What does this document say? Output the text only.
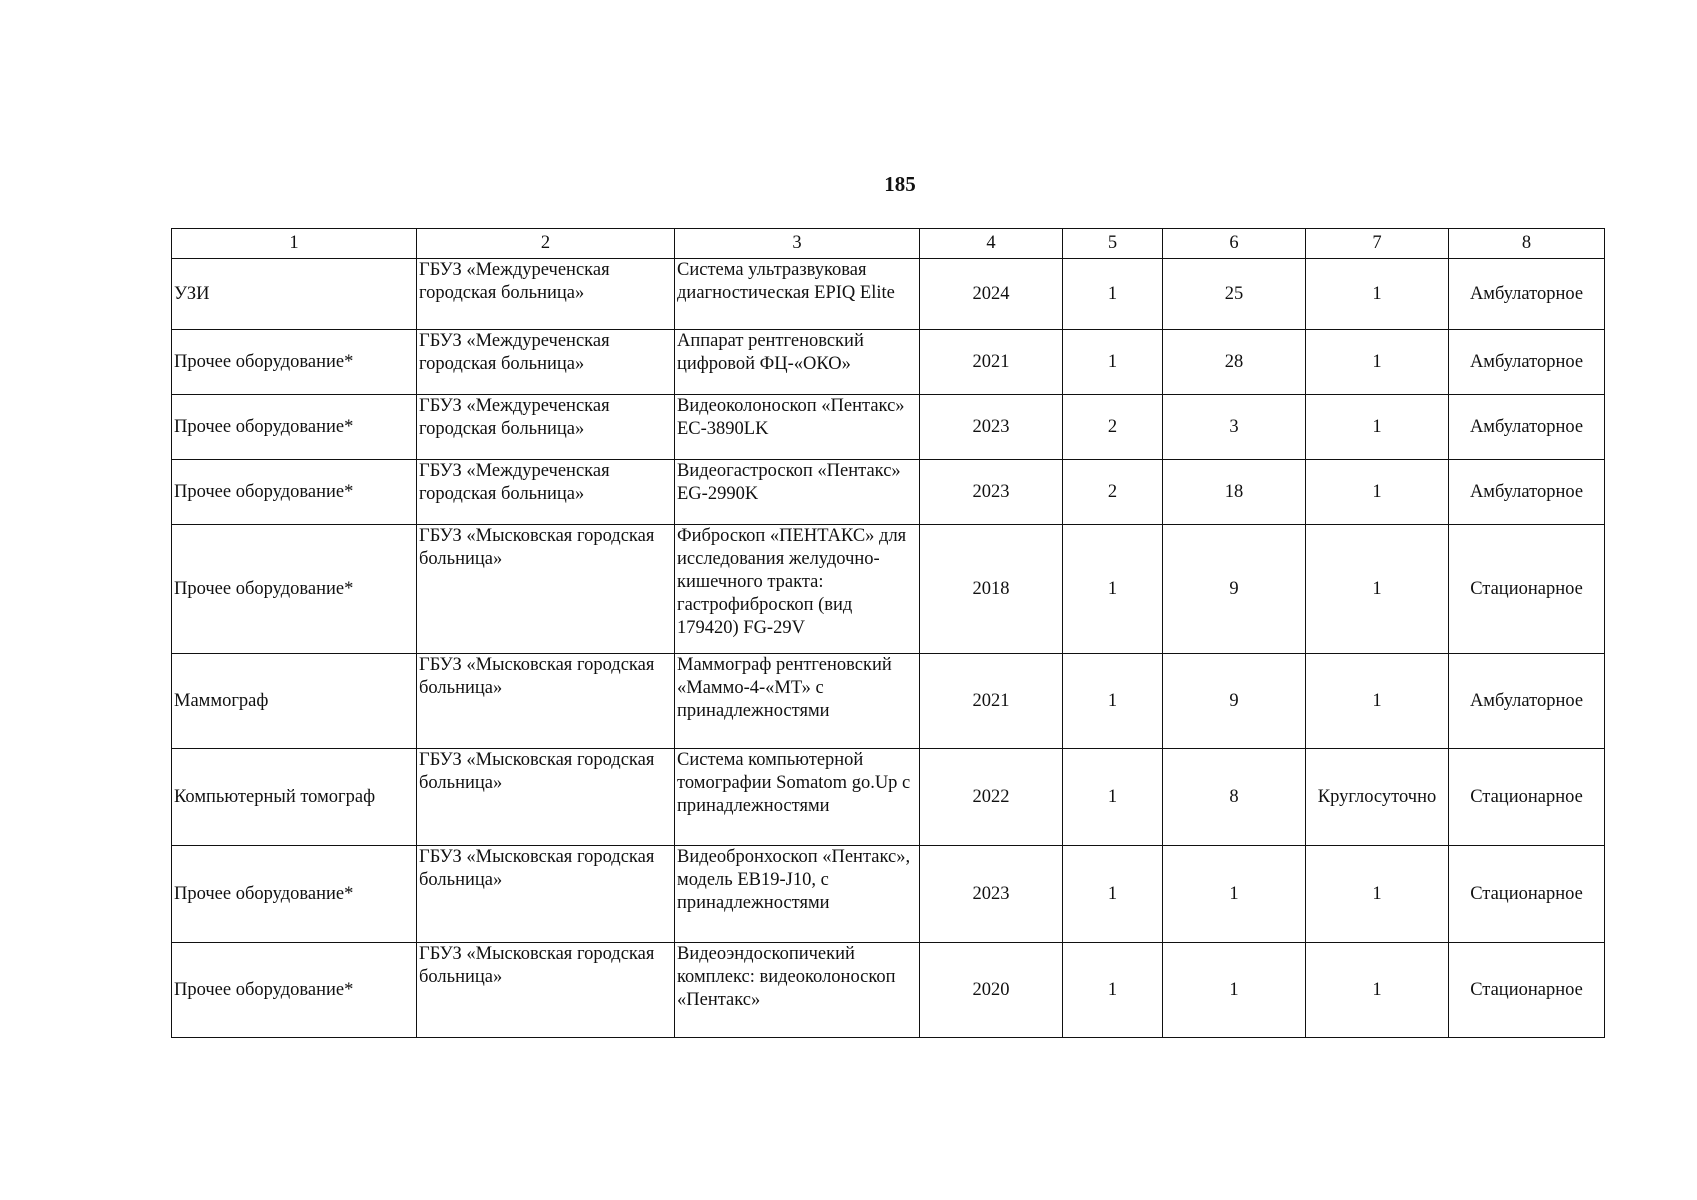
185
1	2	3	4	5	6	7	8
УЗИ	ГБУЗ «Междуреченская городская больница»	Система ультразвуковая диагностическая EPIQ Elite	2024	1	25	1	Амбулаторное
Прочее оборудование*	ГБУЗ «Междуреченская городская больница»	Аппарат рентгеновский цифровой ФЦ-«ОКО»	2021	1	28	1	Амбулаторное
Прочее оборудование*	ГБУЗ «Междуреченская городская больница»	Видеоколоноскоп «Пентакс» EC-3890LK	2023	2	3	1	Амбулаторное
Прочее оборудование*	ГБУЗ «Междуреченская городская больница»	Видеогастроскоп «Пентакс» EG-2990K	2023	2	18	1	Амбулаторное
Прочее оборудование*	ГБУЗ «Мысковская городская больница»	Фиброскоп «ПЕНТАКС» для исследования желудочно-кишечного тракта: гастрофиброскоп (вид 179420) FG-29V	2018	1	9	1	Стационарное
Маммограф	ГБУЗ «Мысковская городская больница»	Маммограф рентгеновский «Маммо-4-«МТ» с принадлежностями	2021	1	9	1	Амбулаторное
Компьютерный томограф	ГБУЗ «Мысковская городская больница»	Система компьютерной томографии Somatom go.Up с принадлежностями	2022	1	8	Круглосуточно	Стационарное
Прочее оборудование*	ГБУЗ «Мысковская городская больница»	Видеобронхоскоп «Пентакс», модель EB19-J10, с принадлежностями	2023	1	1	1	Стационарное
Прочее оборудование*	ГБУЗ «Мысковская городская больница»	Видеоэндоскопичекий комплекс: видеоколоноскоп «Пентакс»	2020	1	1	1	Стационарное
